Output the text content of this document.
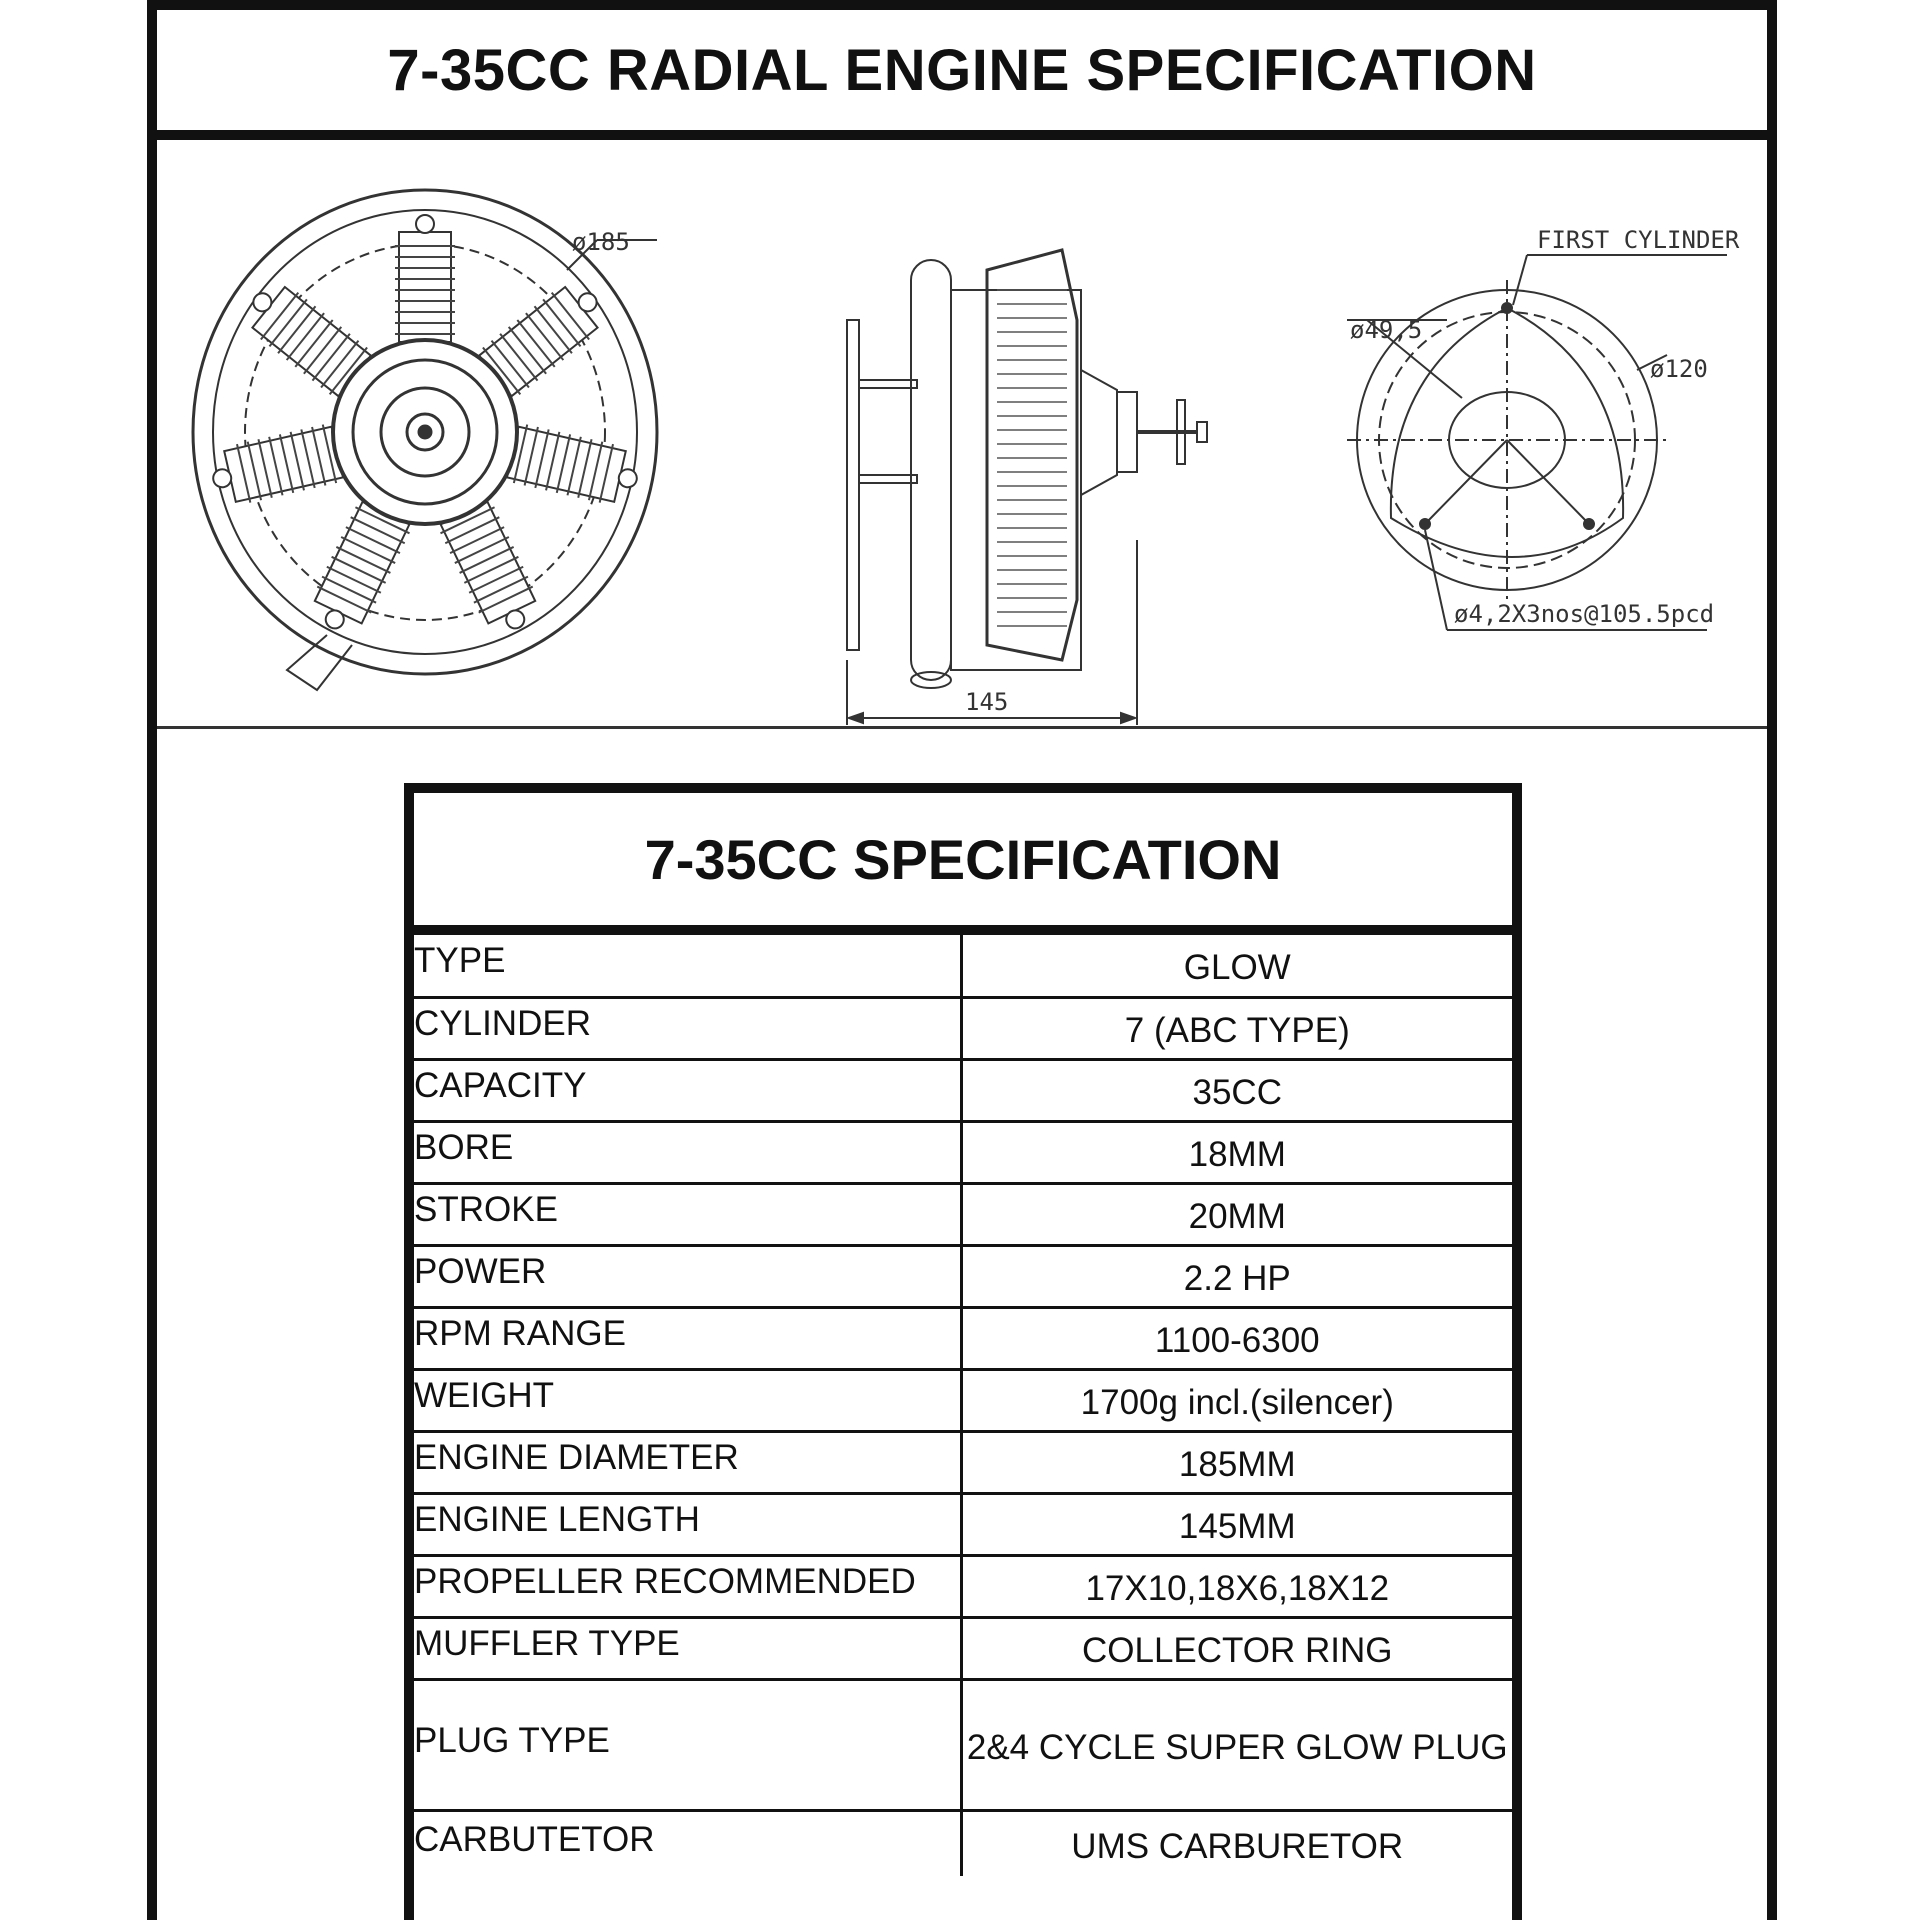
7-35CC RADIAL ENGINE SPECIFICATION
ø185
145
FIRST CYLINDER
ø49,5
ø120
ø4,2X3nos@105.5pcd
7-35CC SPECIFICATION
TYPE	GLOW
CYLINDER	7 (ABC TYPE)
CAPACITY	35CC
BORE	18MM
STROKE	20MM
POWER	2.2 HP
RPM RANGE	1100-6300
WEIGHT	1700g incl.(silencer)
ENGINE DIAMETER	185MM
ENGINE LENGTH	145MM
PROPELLER RECOMMENDED	17X10,18X6,18X12
MUFFLER TYPE	COLLECTOR RING
PLUG TYPE	2&4 CYCLE SUPER GLOW PLUG
CARBUTETOR	UMS CARBURETOR
